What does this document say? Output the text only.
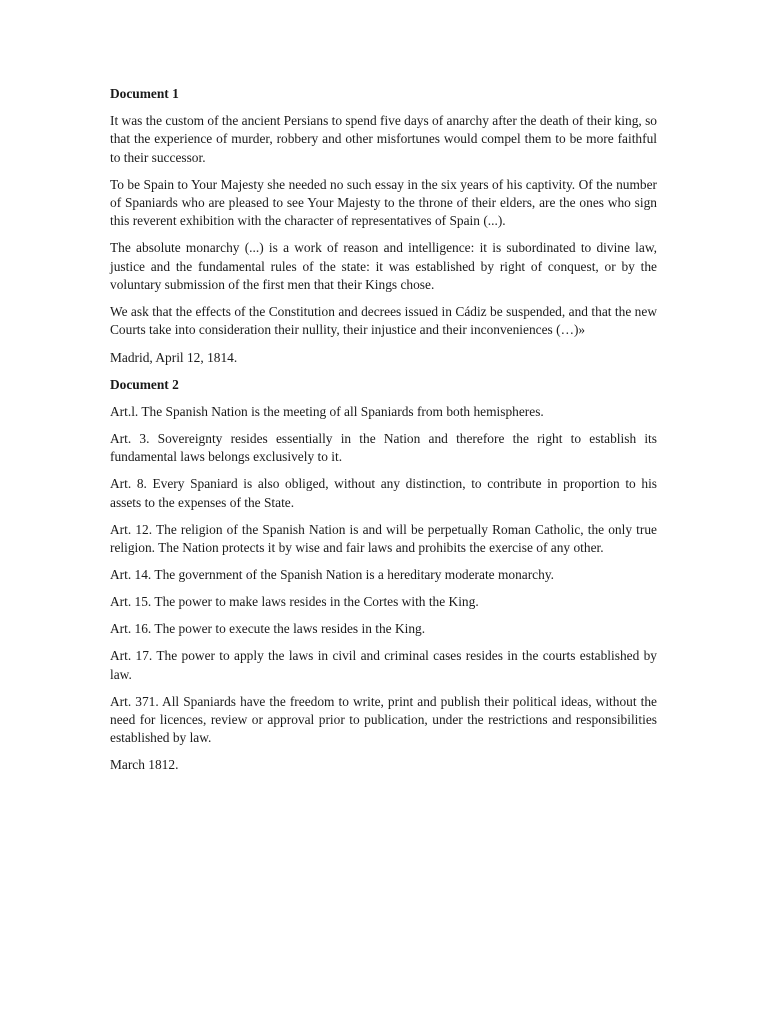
Document 1

It was the custom of the ancient Persians to spend five days of anarchy after the death of their king, so that the experience of murder, robbery and other misfortunes would compel them to be more faithful to their successor.

To be Spain to Your Majesty she needed no such essay in the six years of his captivity. Of the number of Spaniards who are pleased to see Your Majesty to the throne of their elders, are the ones who sign this reverent exhibition with the character of representatives of Spain (...).

The absolute monarchy (...) is a work of reason and intelligence: it is subordinated to divine law, justice and the fundamental rules of the state: it was established by right of conquest, or by the voluntary submission of the first men that their Kings chose.

We ask that the effects of the Constitution and decrees issued in Cádiz be suspended, and that the new Courts take into consideration their nullity, their injustice and their inconveniences (…)»

Madrid, April 12, 1814.

Document 2

Art.l. The Spanish Nation is the meeting of all Spaniards from both hemispheres.

Art. 3. Sovereignty resides essentially in the Nation and therefore the right to establish its fundamental laws belongs exclusively to it.

Art. 8. Every Spaniard is also obliged, without any distinction, to contribute in proportion to his assets to the expenses of the State.

Art. 12. The religion of the Spanish Nation is and will be perpetually Roman Catholic, the only true religion. The Nation protects it by wise and fair laws and prohibits the exercise of any other.

Art. 14. The government of the Spanish Nation is a hereditary moderate monarchy.

Art. 15. The power to make laws resides in the Cortes with the King.

Art. 16. The power to execute the laws resides in the King.

Art. 17. The power to apply the laws in civil and criminal cases resides in the courts established by law.

Art. 371. All Spaniards have the freedom to write, print and publish their political ideas, without the need for licences, review or approval prior to publication, under the restrictions and responsibilities established by law.

March 1812.
